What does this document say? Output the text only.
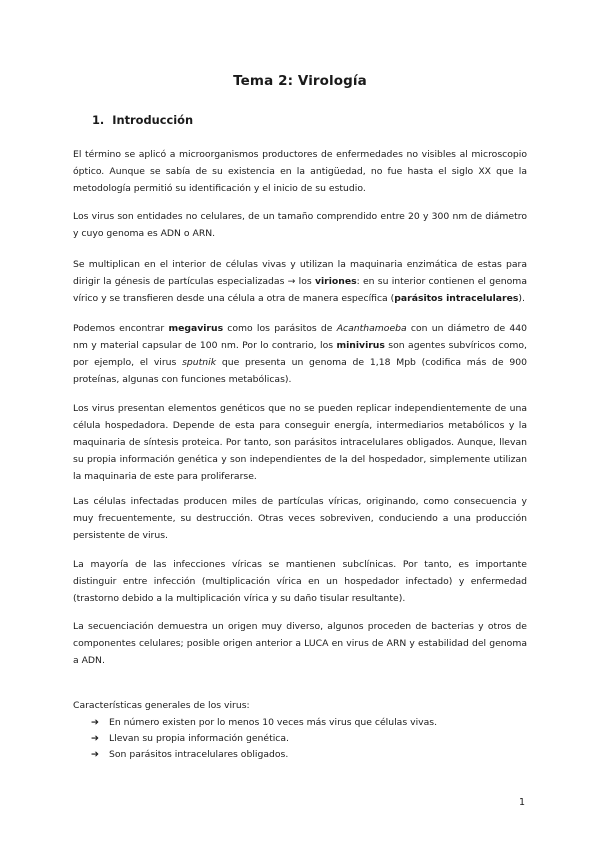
Tema 2: Virología
1. Introducción

El término se aplicó a microorganismos productores de enfermedades no visibles al microscopio óptico. Aunque se sabía de su existencia en la antigüedad, no fue hasta el siglo XX que la metodología permitió su identificación y el inicio de su estudio.

Los virus son entidades no celulares, de un tamaño comprendido entre 20 y 300 nm de diámetro y cuyo genoma es ADN o ARN.

Se multiplican en el interior de células vivas y utilizan la maquinaria enzimática de estas para dirigir la génesis de partículas especializadas → los viriones: en su interior contienen el genoma vírico y se transfieren desde una célula a otra de manera específica (parásitos intracelulares).

Podemos encontrar megavirus como los parásitos de Acanthamoeba con un diámetro de 440 nm y material capsular de 100 nm. Por lo contrario, los minivirus son agentes subvíricos como, por ejemplo, el virus sputnik que presenta un genoma de 1,18 Mpb (codifica más de 900 proteínas, algunas con funciones metabólicas).

Los virus presentan elementos genéticos que no se pueden replicar independientemente de una célula hospedadora. Depende de esta para conseguir energía, intermediarios metabólicos y la maquinaria de síntesis proteica. Por tanto, son parásitos intracelulares obligados. Aunque, llevan su propia información genética y son independientes de la del hospedador, simplemente utilizan la maquinaria de este para proliferarse.

Las células infectadas producen miles de partículas víricas, originando, como consecuencia y muy frecuentemente, su destrucción. Otras veces sobreviven, conduciendo a una producción persistente de virus.

La mayoría de las infecciones víricas se mantienen subclínicas. Por tanto, es importante distinguir entre infección (multiplicación vírica en un hospedador infectado) y enfermedad (trastorno debido a la multiplicación vírica y su daño tisular resultante).

La secuenciación demuestra un origen muy diverso, algunos proceden de bacterias y otros de componentes celulares; posible origen anterior a LUCA en virus de ARN y estabilidad del genoma a ADN.

Características generales de los virus:
➔	En número existen por lo menos 10 veces más virus que células vivas.
➔	Llevan su propia información genética.
➔	Son parásitos intracelulares obligados.
1
